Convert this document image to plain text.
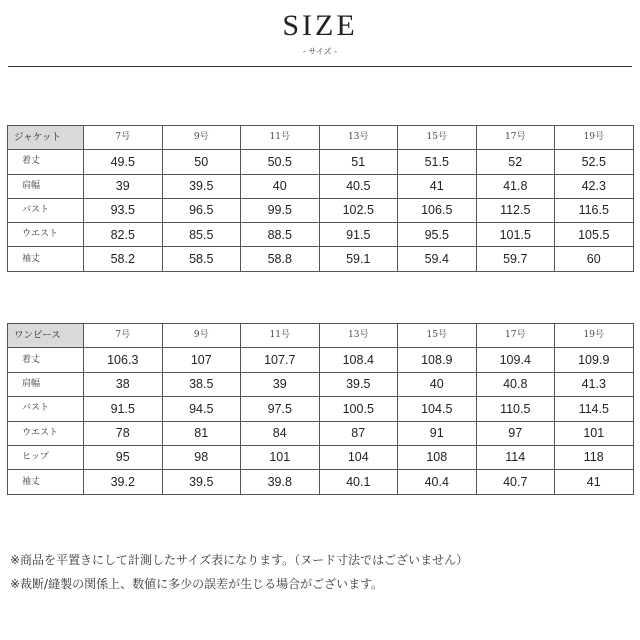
SIZE
- サイズ -
ジャケット	7号	9号	11号	13号	15号	17号	19号
着丈	49.5	50	50.5	51	51.5	52	52.5
肩幅	39	39.5	40	40.5	41	41.8	42.3
バスト	93.5	96.5	99.5	102.5	106.5	112.5	116.5
ウエスト	82.5	85.5	88.5	91.5	95.5	101.5	105.5
袖丈	58.2	58.5	58.8	59.1	59.4	59.7	60
ワンピース	7号	9号	11号	13号	15号	17号	19号
着丈	106.3	107	107.7	108.4	108.9	109.4	109.9
肩幅	38	38.5	39	39.5	40	40.8	41.3
バスト	91.5	94.5	97.5	100.5	104.5	110.5	114.5
ウエスト	78	81	84	87	91	97	101
ヒップ	95	98	101	104	108	114	118
袖丈	39.2	39.5	39.8	40.1	40.4	40.7	41
※商品を平置きにして計測したサイズ表になります。（ヌード寸法ではございません）
※裁断/縫製の関係上、数値に多少の誤差が生じる場合がございます。
